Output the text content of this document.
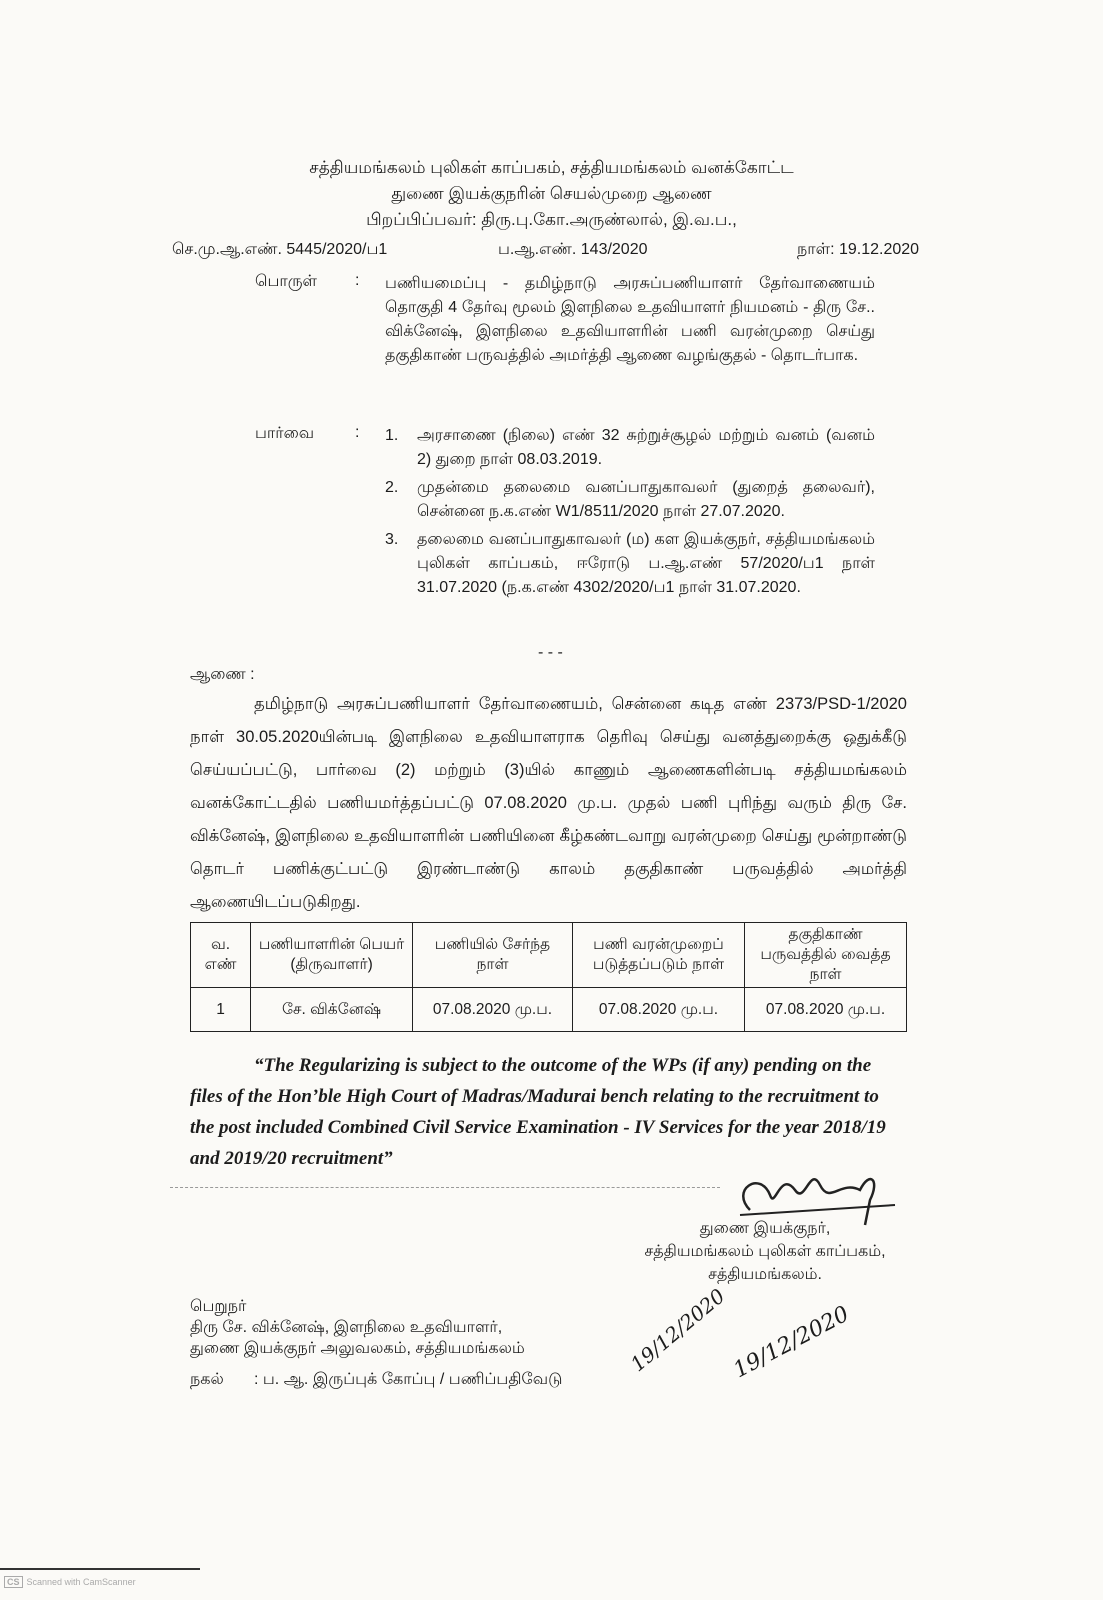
சத்தியமங்கலம் புலிகள் காப்பகம், சத்தியமங்கலம் வனக்கோட்ட
துணை இயக்குநரின் செயல்முறை ஆணை
பிறப்பிப்பவர்: திரு.பு.கோ.அருண்லால், இ.வ.ப.,
செ.மு.ஆ.எண். 5445/2020/ப1	ப.ஆ.எண். 143/2020	நாள்: 19.12.2020
பொருள்	:	பணியமைப்பு - தமிழ்நாடு அரசுப்பணியாளர் தேர்வாணையம் தொகுதி 4 தேர்வு மூலம் இளநிலை உதவியாளர் நியமனம் - திரு சே.. விக்னேஷ், இளநிலை உதவியாளரின் பணி வரன்முறை செய்து தகுதிகாண் பருவத்தில் அமர்த்தி ஆணை வழங்குதல் - தொடர்பாக.
பார்வை	:	1.	அரசாணை (நிலை) எண் 32 சுற்றுச்சூழல் மற்றும் வனம் (வனம் 2) துறை நாள் 08.03.2019.
2.	முதன்மை தலைமை வனப்பாதுகாவலர் (துறைத் தலைவர்), சென்னை ந.க.எண் W1/8511/2020 நாள் 27.07.2020.
3.	தலைமை வனப்பாதுகாவலர் (ம) கள இயக்குநர், சத்தியமங்கலம் புலிகள் காப்பகம், ஈரோடு ப.ஆ.எண் 57/2020/ப1 நாள் 31.07.2020 (ந.க.எண் 4302/2020/ப1 நாள் 31.07.2020.
- - -
ஆணை :
தமிழ்நாடு அரசுப்பணியாளர் தேர்வாணையம், சென்னை கடித எண் 2373/PSD-1/2020 நாள் 30.05.2020யின்படி இளநிலை உதவியாளராக தெரிவு செய்து வனத்துறைக்கு ஒதுக்கீடு செய்யப்பட்டு, பார்வை (2) மற்றும் (3)யில் காணும் ஆணைகளின்படி சத்தியமங்கலம் வனக்கோட்டதில் பணியமர்த்தப்பட்டு 07.08.2020 மு.ப. முதல் பணி புரிந்து வரும் திரு சே. விக்னேஷ், இளநிலை உதவியாளரின் பணியினை கீழ்கண்டவாறு வரன்முறை செய்து மூன்றாண்டு தொடர் பணிக்குட்பட்டு இரண்டாண்டு காலம் தகுதிகாண் பருவத்தில் அமர்த்தி ஆணையிடப்படுகிறது.
வ. எண்	பணியாளரின் பெயர் (திருவாளர்)	பணியில் சேர்ந்த நாள்	பணி வரன்முறைப் படுத்தப்படும் நாள்	தகுதிகாண் பருவத்தில் வைத்த நாள்
1	சே. விக்னேஷ்	07.08.2020 மு.ப.	07.08.2020 மு.ப.	07.08.2020 மு.ப.
“The Regularizing is subject to the outcome of the WPs (if any) pending on the files of the Hon’ble High Court of Madras/Madurai bench relating to the recruitment to the post included Combined Civil Service Examination - IV Services for the year 2018/19 and 2019/20 recruitment”
துணை இயக்குநர்,
சத்தியமங்கலம் புலிகள் காப்பகம்,
சத்தியமங்கலம்.
19/12/2020 19/12/2020
பெறுநர்
திரு சே. விக்னேஷ், இளநிலை உதவியாளர்,
துணை இயக்குநர் அலுவலகம், சத்தியமங்கலம்
நகல்	: ப. ஆ. இருப்புக் கோப்பு / பணிப்பதிவேடு
CS Scanned with CamScanner
